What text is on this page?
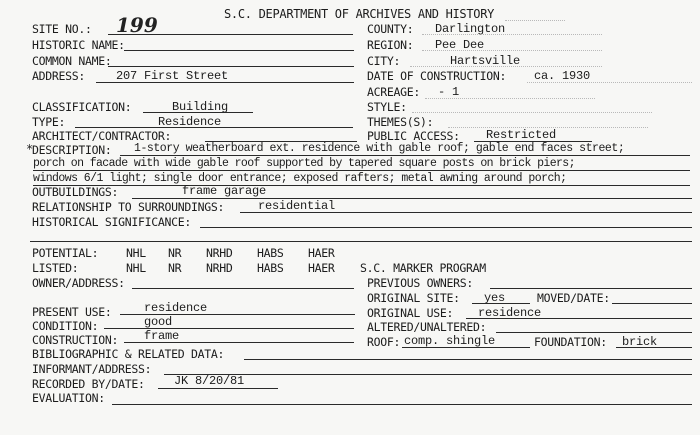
S.C. DEPARTMENT OF ARCHIVES AND HISTORY
SITE NO.: 199
HISTORIC NAME:
COMMON NAME:
ADDRESS:	207 First Street
COUNTY: Darlington
REGION: Pee Dee
CITY:	Hartsville
DATE OF CONSTRUCTION: ca. 1930
ACREAGE: - 1
CLASSIFICATION:	Building
TYPE:	Residence
ARCHITECT/CONTRACTOR:
STYLE:
THEMES(S):
PUBLIC ACCESS: Restricted
*
DESCRIPTION: 1-story weatherboard ext. residence with gable roof; gable end faces street;
porch on facade with wide gable roof supported by tapered square posts on brick piers;
windows 6/1 light; single door entrance; exposed rafters; metal awning around porch;
OUTBUILDINGS:	frame garage
RELATIONSHIP TO SURROUNDINGS:	residential
HISTORICAL SIGNIFICANCE:
POTENTIAL: NHL NR NRHD HABS HAER
LISTED:	NHL NR NRHD HABS HAER S.C. MARKER PROGRAM
OWNER/ADDRESS:
PRESENT USE:	residence
CONDITION:	good
CONSTRUCTION: frame
BIBLIOGRAPHIC & RELATED DATA:
INFORMANT/ADDRESS:
RECORDED BY/DATE: JK 8/20/81
EVALUATION:
PREVIOUS OWNERS:
ORIGINAL SITE: yes	MOVED/DATE:
ORIGINAL USE: residence
ALTERED/UNALTERED:
ROOF: comp. shingle	FOUNDATION: brick
